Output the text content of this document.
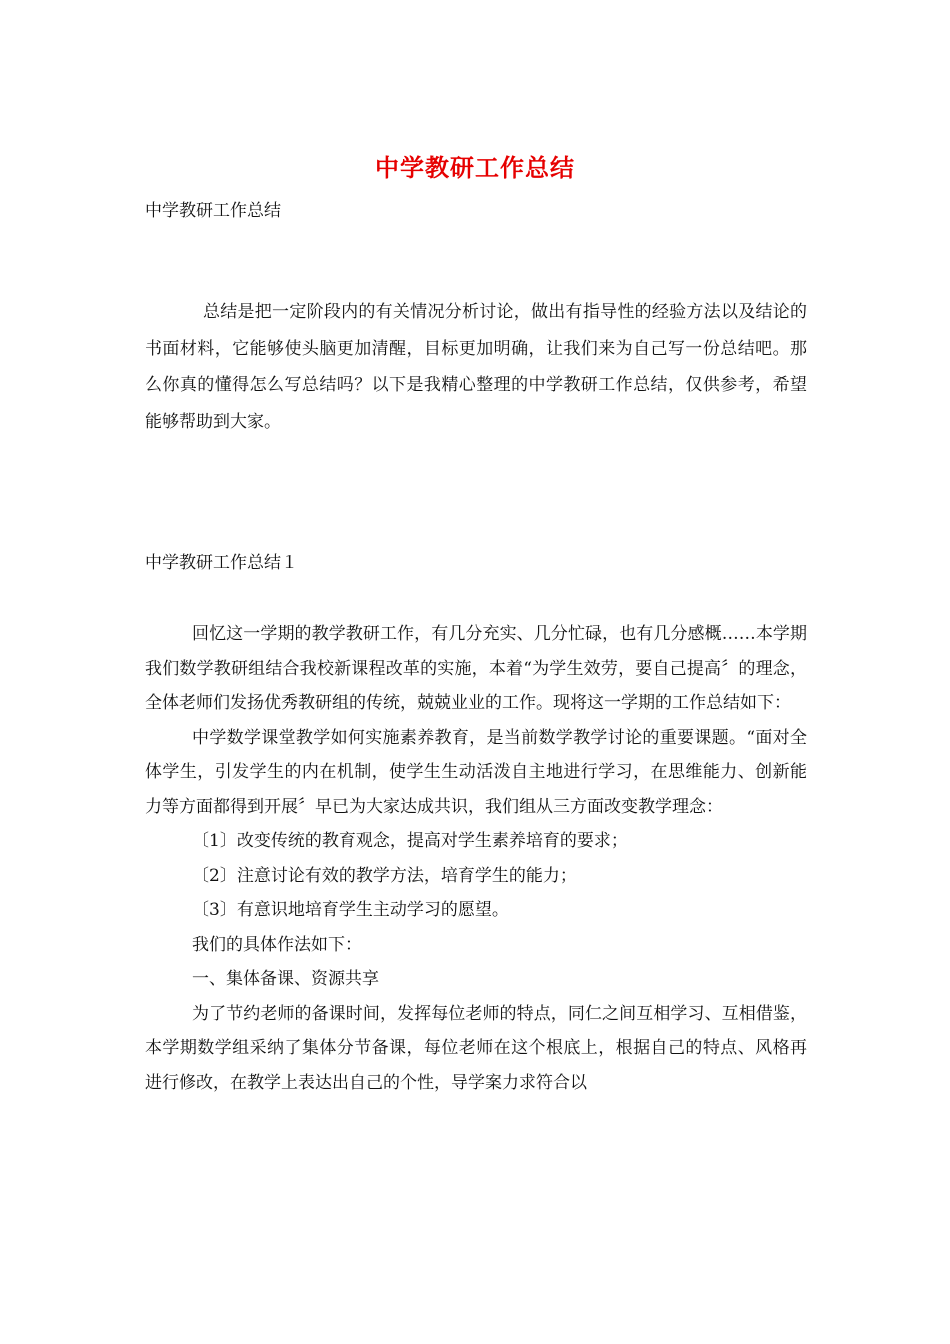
中学教研工作总结
中学教研工作总结
总结是把一定阶段内的有关情况分析讨论，做出有指导性的经验方法以及结论的书面材料，它能够使头脑更加清醒，目标更加明确，让我们来为自己写一份总结吧。那么你真的懂得怎么写总结吗？以下是我精心整理的中学教研工作总结，仅供参考，希望能够帮助到大家。
中学教研工作总结１

回忆这一学期的教学教研工作，有几分充实、几分忙碌，也有几分感概……本学期我们数学教研组结合我校新课程改革的实施，本着“为学生效劳，要自己提高〞的理念，全体老师们发扬优秀教研组的传统，兢兢业业的工作。现将这一学期的工作总结如下：

中学数学课堂教学如何实施素养教育，是当前数学教学讨论的重要课题。“面对全体学生，引发学生的内在机制，使学生生动活泼自主地进行学习，在思维能力、创新能力等方面都得到开展〞早已为大家达成共识，我们组从三方面改变教学理念：

〔1〕改变传统的教育观念，提高对学生素养培育的要求；

〔2〕注意讨论有效的教学方法，培育学生的能力；

〔3〕有意识地培育学生主动学习的愿望。

我们的具体作法如下：

一、集体备课、资源共享

为了节约老师的备课时间，发挥每位老师的特点，同仁之间互相学习、互相借鉴，本学期数学组采纳了集体分节备课，每位老师在这个根底上，根据自己的特点、风格再进行修改，在教学上表达出自己的个性，导学案力求符合以
